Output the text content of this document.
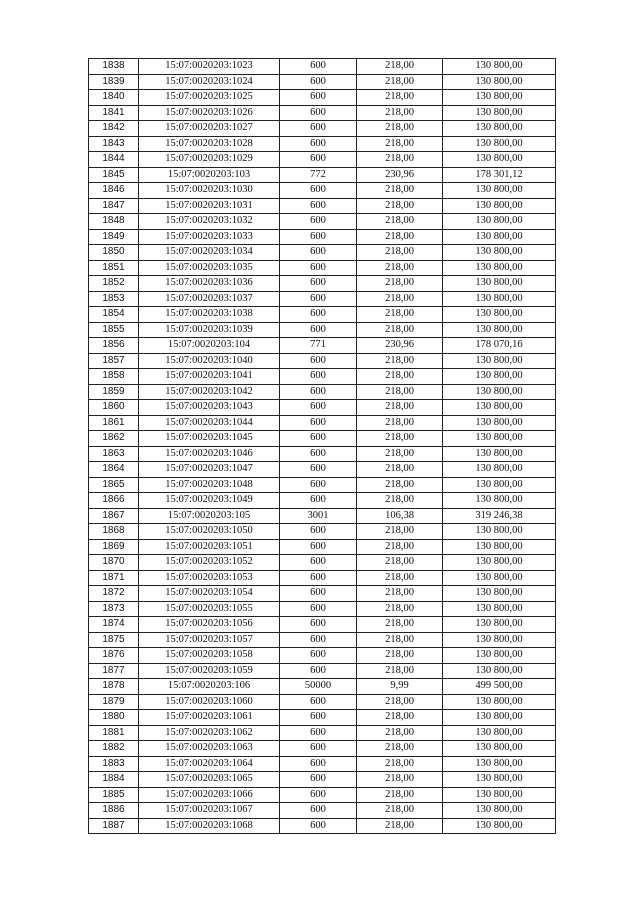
1838	15:07:0020203:1023	600	218,00	130 800,00
1839	15:07:0020203:1024	600	218,00	130 800,00
1840	15:07:0020203:1025	600	218,00	130 800,00
1841	15:07:0020203:1026	600	218,00	130 800,00
1842	15:07:0020203:1027	600	218,00	130 800,00
1843	15:07:0020203:1028	600	218,00	130 800,00
1844	15:07:0020203:1029	600	218,00	130 800,00
1845	15:07:0020203:103	772	230,96	178 301,12
1846	15:07:0020203:1030	600	218,00	130 800,00
1847	15:07:0020203:1031	600	218,00	130 800,00
1848	15:07:0020203:1032	600	218,00	130 800,00
1849	15:07:0020203:1033	600	218,00	130 800,00
1850	15:07:0020203:1034	600	218,00	130 800,00
1851	15:07:0020203:1035	600	218,00	130 800,00
1852	15:07:0020203:1036	600	218,00	130 800,00
1853	15:07:0020203:1037	600	218,00	130 800,00
1854	15:07:0020203:1038	600	218,00	130 800,00
1855	15:07:0020203:1039	600	218,00	130 800,00
1856	15:07:0020203:104	771	230,96	178 070,16
1857	15:07:0020203:1040	600	218,00	130 800,00
1858	15:07:0020203:1041	600	218,00	130 800,00
1859	15:07:0020203:1042	600	218,00	130 800,00
1860	15:07:0020203:1043	600	218,00	130 800,00
1861	15:07:0020203:1044	600	218,00	130 800,00
1862	15:07:0020203:1045	600	218,00	130 800,00
1863	15:07:0020203:1046	600	218,00	130 800,00
1864	15:07:0020203:1047	600	218,00	130 800,00
1865	15:07:0020203:1048	600	218,00	130 800,00
1866	15:07:0020203:1049	600	218,00	130 800,00
1867	15:07:0020203:105	3001	106,38	319 246,38
1868	15:07:0020203:1050	600	218,00	130 800,00
1869	15:07:0020203:1051	600	218,00	130 800,00
1870	15:07:0020203:1052	600	218,00	130 800,00
1871	15:07:0020203:1053	600	218,00	130 800,00
1872	15:07:0020203:1054	600	218,00	130 800,00
1873	15:07:0020203:1055	600	218,00	130 800,00
1874	15:07:0020203:1056	600	218,00	130 800,00
1875	15:07:0020203:1057	600	218,00	130 800,00
1876	15:07:0020203:1058	600	218,00	130 800,00
1877	15:07:0020203:1059	600	218,00	130 800,00
1878	15:07:0020203:106	50000	9,99	499 500,00
1879	15:07:0020203:1060	600	218,00	130 800,00
1880	15:07:0020203:1061	600	218,00	130 800,00
1881	15:07:0020203:1062	600	218,00	130 800,00
1882	15:07:0020203:1063	600	218,00	130 800,00
1883	15:07:0020203:1064	600	218,00	130 800,00
1884	15:07:0020203:1065	600	218,00	130 800,00
1885	15:07:0020203:1066	600	218,00	130 800,00
1886	15:07:0020203:1067	600	218,00	130 800,00
1887	15:07:0020203:1068	600	218,00	130 800,00
